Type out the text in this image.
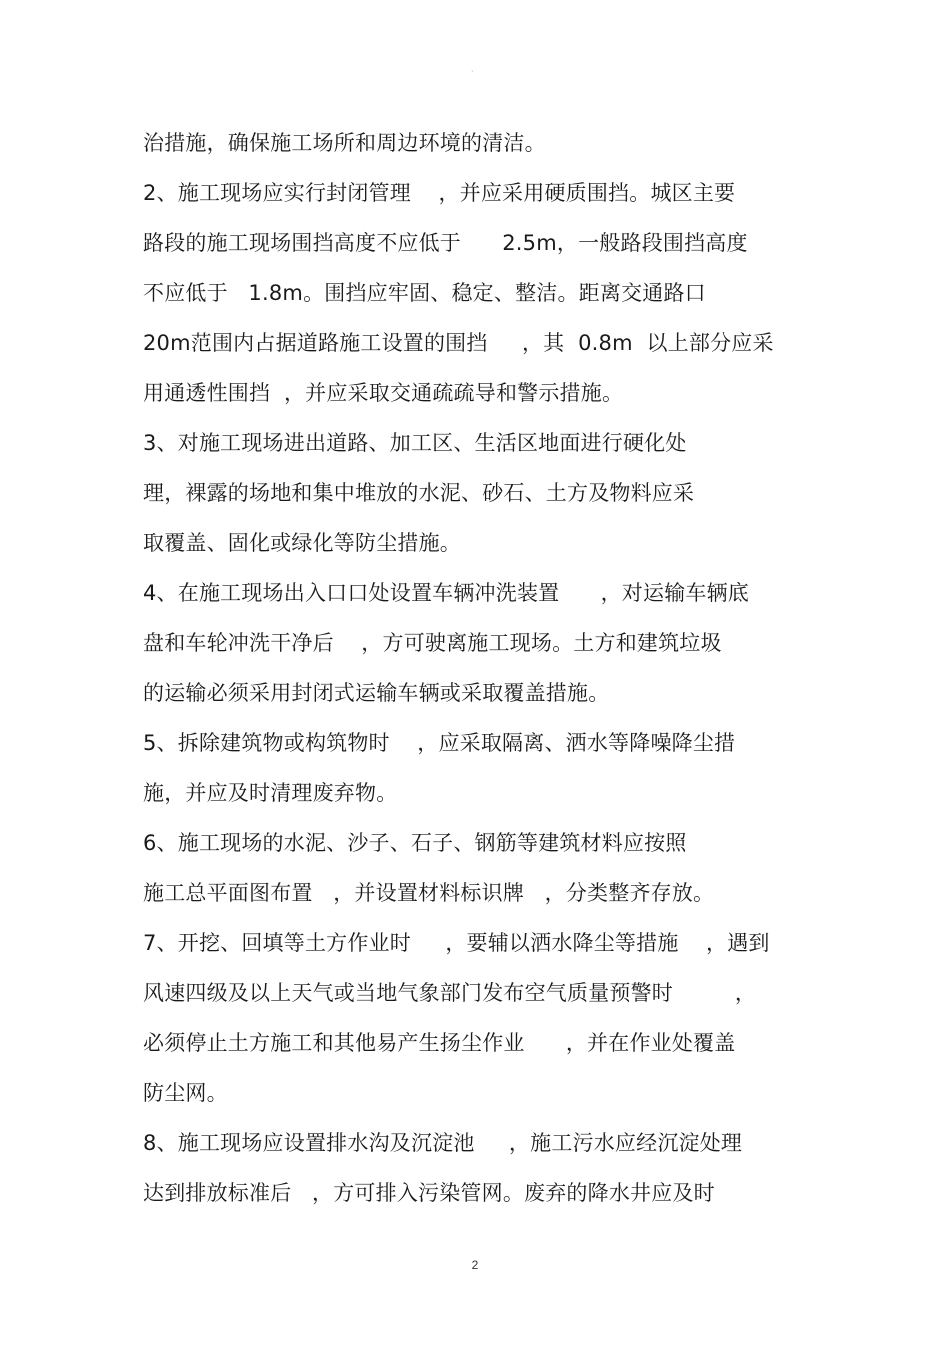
·
治措施，确保施工场所和周边环境的清洁。
2、施工现场应实行封闭管理    ，并应采用硬质围挡。城区主要
路段的施工现场围挡高度不应低于      2.5m，一般路段围挡高度
不应低于   1.8m。围挡应牢固、稳定、整洁。距离交通路口
20m范围内占据道路施工设置的围挡     ，其  0.8m  以上部分应采
用通透性围挡  ，并应采取交通疏疏导和警示措施。
3、对施工现场进出道路、加工区、生活区地面进行硬化处
理，裸露的场地和集中堆放的水泥、砂石、土方及物料应采
取覆盖、固化或绿化等防尘措施。
4、在施工现场出入口口处设置车辆冲洗装置      ，对运输车辆底
盘和车轮冲洗干净后    ，方可驶离施工现场。土方和建筑垃圾
的运输必须采用封闭式运输车辆或采取覆盖措施。
5、拆除建筑物或构筑物时    ，应采取隔离、洒水等降噪降尘措
施，并应及时清理废弃物。
6、施工现场的水泥、沙子、石子、钢筋等建筑材料应按照
施工总平面图布置   ，并设置材料标识牌   ，分类整齐存放。
7、开挖、回填等土方作业时     ，要辅以洒水降尘等措施    ，遇到
风速四级及以上天气或当地气象部门发布空气质量预警时         ，
必须停止土方施工和其他易产生扬尘作业      ，并在作业处覆盖
防尘网。
8、施工现场应设置排水沟及沉淀池     ，施工污水应经沉淀处理
达到排放标准后   ，方可排入污染管网。废弃的降水井应及时
2
